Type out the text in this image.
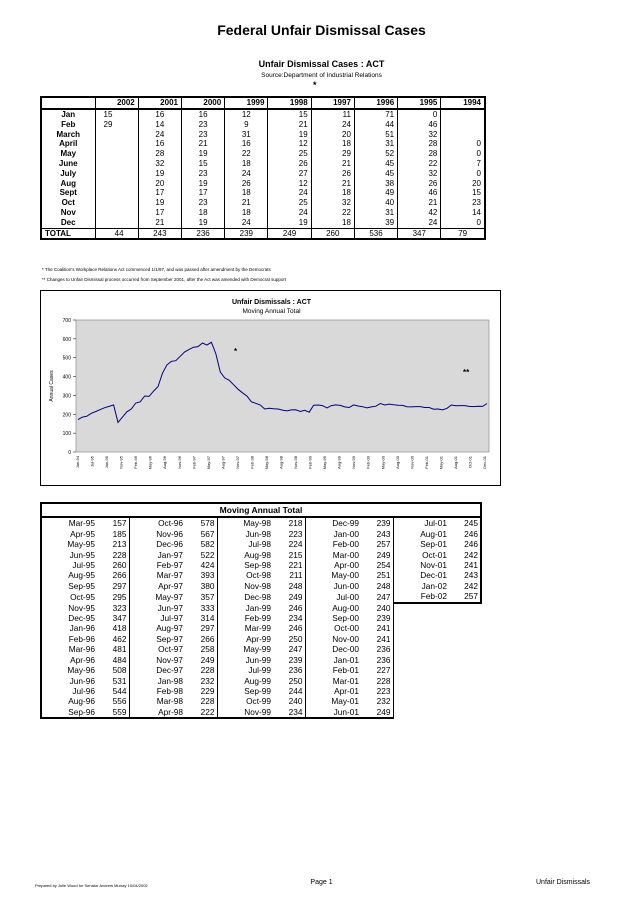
Federal Unfair Dismissal Cases
Unfair Dismissal Cases : ACT
Source:Department of Industrial Relations
*
	2002	2001	2000	1999	1998	1997	1996	1995	1994
Jan	15	16	16	12	15	11	71	0	
Feb	29	14	23	9	21	24	44	46	
March		24	23	31	19	20	51	32	
April		16	21	16	12	18	31	28	0
May		28	19	22	25	29	52	28	0
June		32	15	18	26	21	45	22	7
July		19	23	24	27	26	45	32	0
Aug		20	19	26	12	21	38	26	20
Sept		17	17	18	24	18	49	46	15
Oct		19	23	21	25	32	40	21	23
Nov		17	18	18	24	22	31	42	14
Dec		21	19	24	19	18	39	24	0
TOTAL	44	243	236	239	249	260	536	347	79
* The Coalition's Workplace Relations Act commenced 1/1/97, and was passed after amendment by the Democrats
** Changes to Unfair Dismissal process occurred from September 2001, after the Act was amended with Democrat support
Unfair Dismissals : ACT
Moving Annual Total
0
100
200
300
400
500
600
700
Annual Cases
Jun-94 Jul-95 Jun-95 Nov-95 Feb-96 May-96 Aug-96 Nov-96 Feb-97 May-97 Aug-97 Nov-97 Feb-98 May-98 Aug-98 Nov-98 Feb-99 May-99 Aug-99 Nov-99 Feb-00 May-00 Aug-00 Nov-00 Feb-01 May-01 Aug-01 Oct-01 Dec-01
*
**
Moving Annual Total									
Mar-95	157	Oct-96	578	May-98	218	Dec-99	239	Jul-01	245
Apr-95	185	Nov-96	567	Jun-98	223	Jan-00	243	Aug-01	246
May-95	213	Dec-96	582	Jul-98	224	Feb-00	257	Sep-01	246
Jun-95	228	Jan-97	522	Aug-98	215	Mar-00	249	Oct-01	242
Jul-95	260	Feb-97	424	Sep-98	221	Apr-00	254	Nov-01	241
Aug-95	266	Mar-97	393	Oct-98	211	May-00	251	Dec-01	243
Sep-95	297	Apr-97	380	Nov-98	248	Jun-00	248	Jan-02	242
Oct-95	295	May-97	357	Dec-98	249	Jul-00	247	Feb-02	257
Nov-95	323	Jun-97	333	Jan-99	246	Aug-00	240		
Dec-95	347	Jul-97	314	Feb-99	234	Sep-00	239		
Jan-96	418	Aug-97	297	Mar-99	246	Oct-00	241		
Feb-96	462	Sep-97	266	Apr-99	250	Nov-00	241		
Mar-96	481	Oct-97	258	May-99	247	Dec-00	236		
Apr-96	484	Nov-97	249	Jun-99	239	Jan-01	236		
May-96	508	Dec-97	228	Jul-99	236	Feb-01	227		
Jun-96	531	Jan-98	232	Aug-99	250	Mar-01	228		
Jul-96	544	Feb-98	229	Sep-99	244	Apr-01	223		
Aug-96	556	Mar-98	228	Oct-99	240	May-01	232		
Sep-96	559	Apr-98	222	Nov-99	234	Jun-01	249		
Prepared by Julie Wood for Senator Andrew Murray 10/04/2002	Page 1	Unfair Dismissals
